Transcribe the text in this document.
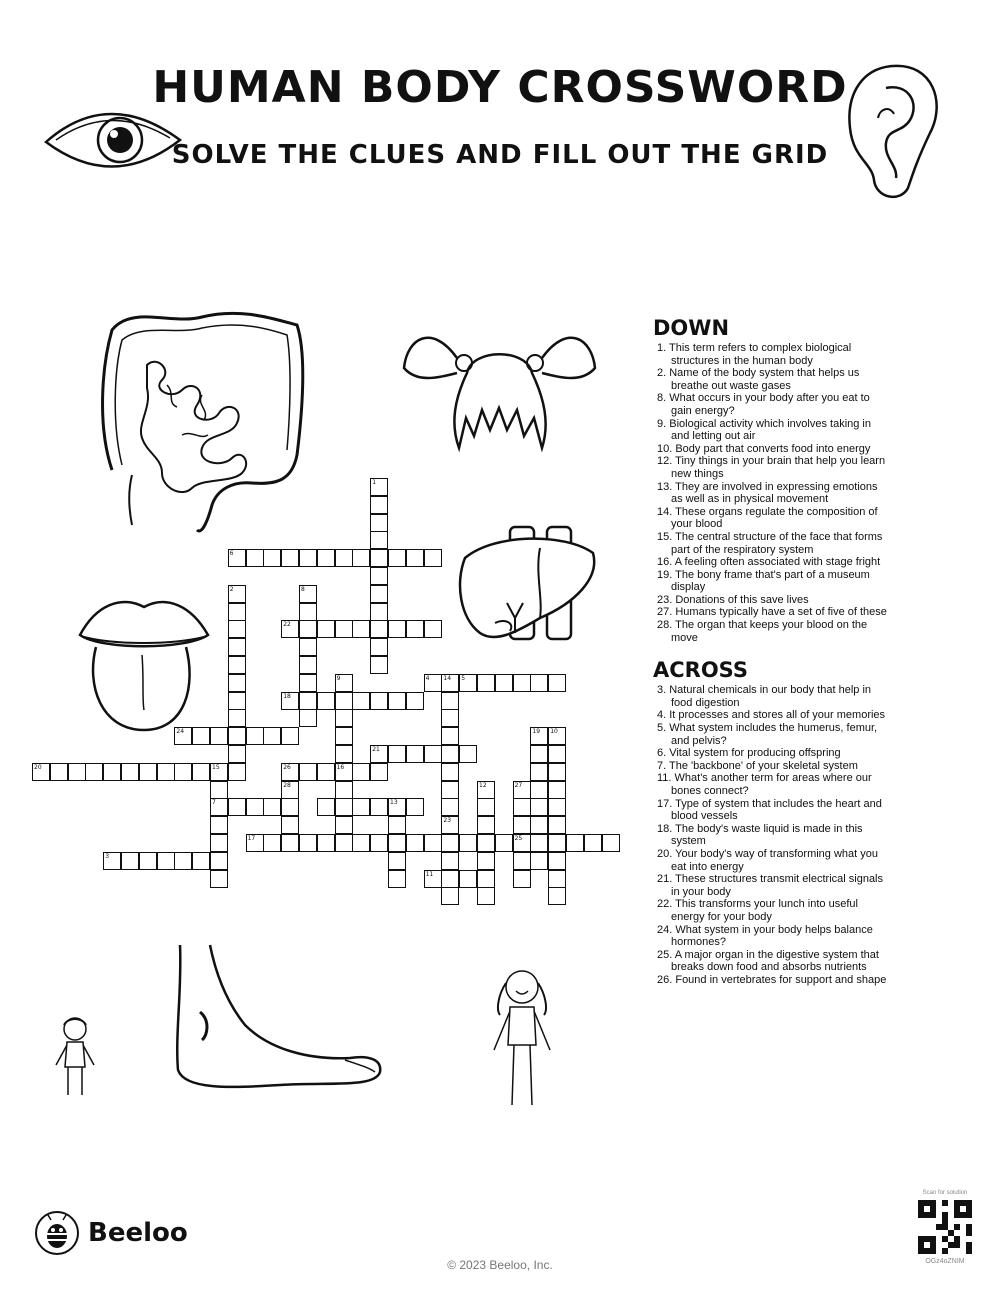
HUMAN BODY CROSSWORD
SOLVE THE CLUES AND FILL OUT THE GRID
1
2	8
9
16
10
12
13
14
23
15
7
19
27
25
28
3
4	5
6
11
17
18
20
21
22
24
26
DOWN
1. This term refers to complex biological structures in the human body
2. Name of the body system that helps us breathe out waste gases
8. What occurs in your body after you eat to gain energy?
9. Biological activity which involves taking in and letting out air
10. Body part that converts food into energy
12. Tiny things in your brain that help you learn new things
13. They are involved in expressing emotions as well as in physical movement
14. These organs regulate the composition of your blood
15. The central structure of the face that forms part of the respiratory system
16. A feeling often associated with stage fright
19. The bony frame that's part of a museum display
23. Donations of this save lives
27. Humans typically have a set of five of these
28. The organ that keeps your blood on the move
ACROSS
3. Natural chemicals in our body that help in food digestion
4. It processes and stores all of your memories
5. What system includes the humerus, femur, and pelvis?
6. Vital system for producing offspring
7. The 'backbone' of your skeletal system
11. What's another term for areas where our bones connect?
17. Type of system that includes the heart and blood vessels
18. The body's waste liquid is made in this system
20. Your body's way of transforming what you eat into energy
21. These structures transmit electrical signals in your body
22. This transforms your lunch into useful energy for your body
24. What system in your body helps balance hormones?
25. A major organ in the digestive system that breaks down food and absorbs nutrients
26. Found in vertebrates for support and shape
Beeloo
© 2023 Beeloo, Inc.
Scan for solution
OGz4oZNIM
